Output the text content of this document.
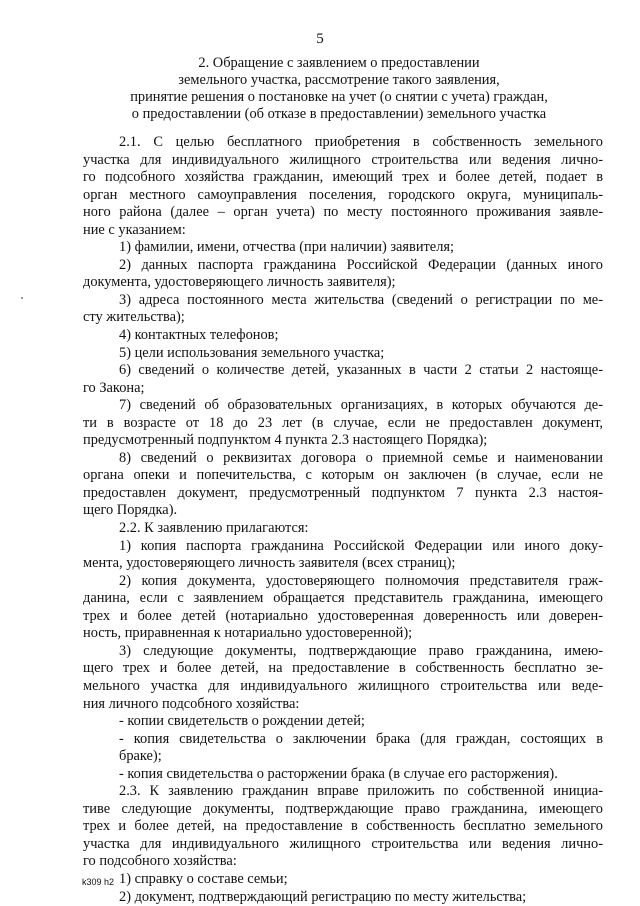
5
2. Обращение с заявлением о предоставлении
земельного участка, рассмотрение такого заявления,
принятие решения о постановке на учет (о снятии с учета) граждан,
о предоставлении (об отказе в предоставлении) земельного участка
2.1. С целью бесплатного приобретения в собственность земельного
участка для индивидуального жилищного строительства или ведения лично-
го подсобного хозяйства гражданин, имеющий трех и более детей, подает в
орган местного самоуправления поселения, городского округа, муниципаль-
ного района (далее – орган учета) по месту постоянного проживания заявле-
ние с указанием:
1) фамилии, имени, отчества (при наличии) заявителя;
2) данных паспорта гражданина Российской Федерации (данных иного
документа, удостоверяющего личность заявителя);
3) адреса постоянного места жительства (сведений о регистрации по ме-
сту жительства);
4) контактных телефонов;
5) цели использования земельного участка;
6) сведений о количестве детей, указанных в части 2 статьи 2 настояще-
го Закона;
7) сведений об образовательных организациях, в которых обучаются де-
ти в возрасте от 18 до 23 лет (в случае, если не предоставлен документ,
предусмотренный подпунктом 4 пункта 2.3 настоящего Порядка);
8) сведений о реквизитах договора о приемной семье и наименовании
органа опеки и попечительства, с которым он заключен (в случае, если не
предоставлен документ, предусмотренный подпунктом 7 пункта 2.3 настоя-
щего Порядка).
2.2. К заявлению прилагаются:
1) копия паспорта гражданина Российской Федерации или иного доку-
мента, удостоверяющего личность заявителя (всех страниц);
2) копия документа, удостоверяющего полномочия представителя граж-
данина, если с заявлением обращается представитель гражданина, имеющего
трех и более детей (нотариально удостоверенная доверенность или доверен-
ность, приравненная к нотариально удостоверенной);
3) следующие документы, подтверждающие право гражданина, имею-
щего трех и более детей, на предоставление в собственность бесплатно зе-
мельного участка для индивидуального жилищного строительства или веде-
ния личного подсобного хозяйства:
- копии свидетельств о рождении детей;
- копия свидетельства о заключении брака (для граждан, состоящих в
браке);
- копия свидетельства о расторжении брака (в случае его расторжения).
2.3. К заявлению гражданин вправе приложить по собственной инициа-
тиве следующие документы, подтверждающие право гражданина, имеющего
трех и более детей, на предоставление в собственность бесплатно земельного
участка для индивидуального жилищного строительства или ведения лично-
го подсобного хозяйства:
1) справку о составе семьи;
2) документ, подтверждающий регистрацию по месту жительства;
k309 h2
